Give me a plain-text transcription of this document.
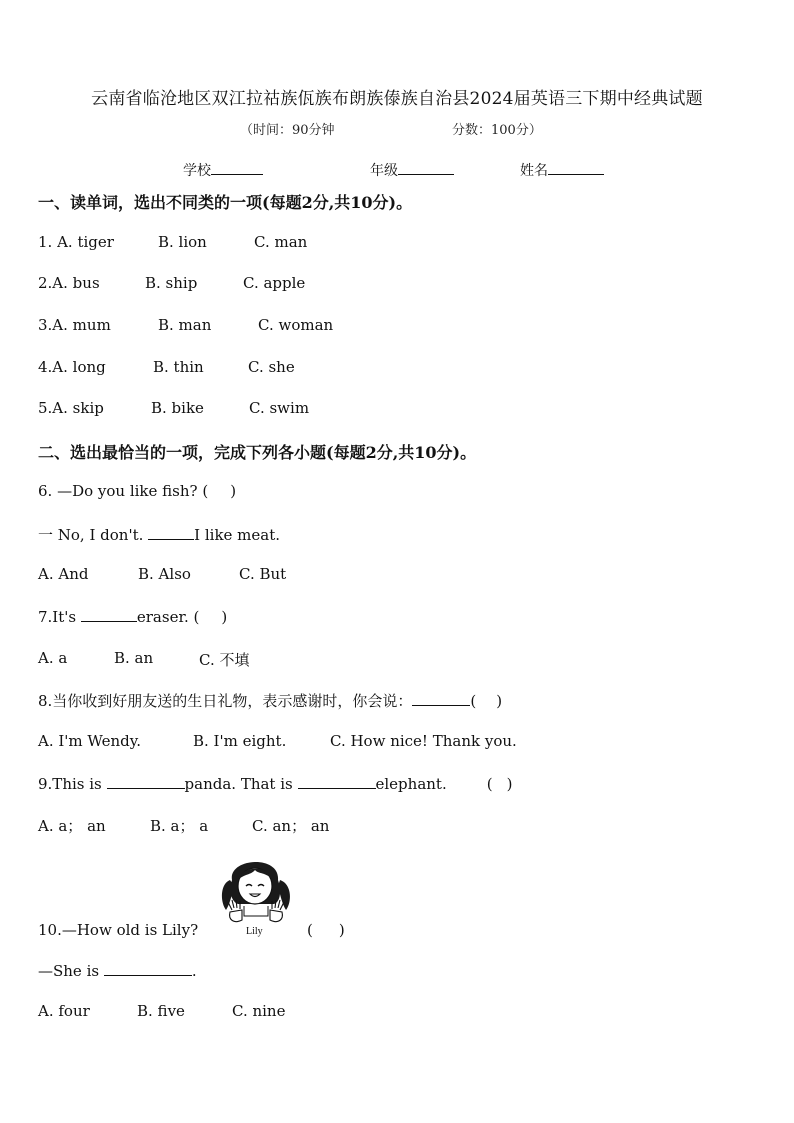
云南省临沧地区双江拉祜族佤族布朗族傣族自治县2024届英语三下期中经典试题
（时间：90分钟	分数：100分）
学校	年级	姓名
一、读单词，选出不同类的一项(每题2分,共10分)。
1. A. tiger	B. lion	C. man
2.A. bus	B. ship	C. apple
3.A. mum	B. man	C. woman
4.A. long	B. thin	C. she
5.A. skip	B. bike	C. swim
二、选出最恰当的一项，完成下列各小题(每题2分,共10分)。
6. —Do you like fish? ( )
一 No, I don't.	I like meat.
A. And	B. Also	C. But
7.It's	eraser. ( )
A. a	B. an	C. 不填
8.当你收到好朋友送的生日礼物，表示感谢时，你会说：	( )
A. I'm Wendy.	B. I'm eight.	C. How nice! Thank you.
9.This is	panda. That is	elephant.	( )
A. a； an	B. a； a	C. an； an
Lily
10.—How old is Lily?	( )
—She is	.
A. four	B. five	C. nine
